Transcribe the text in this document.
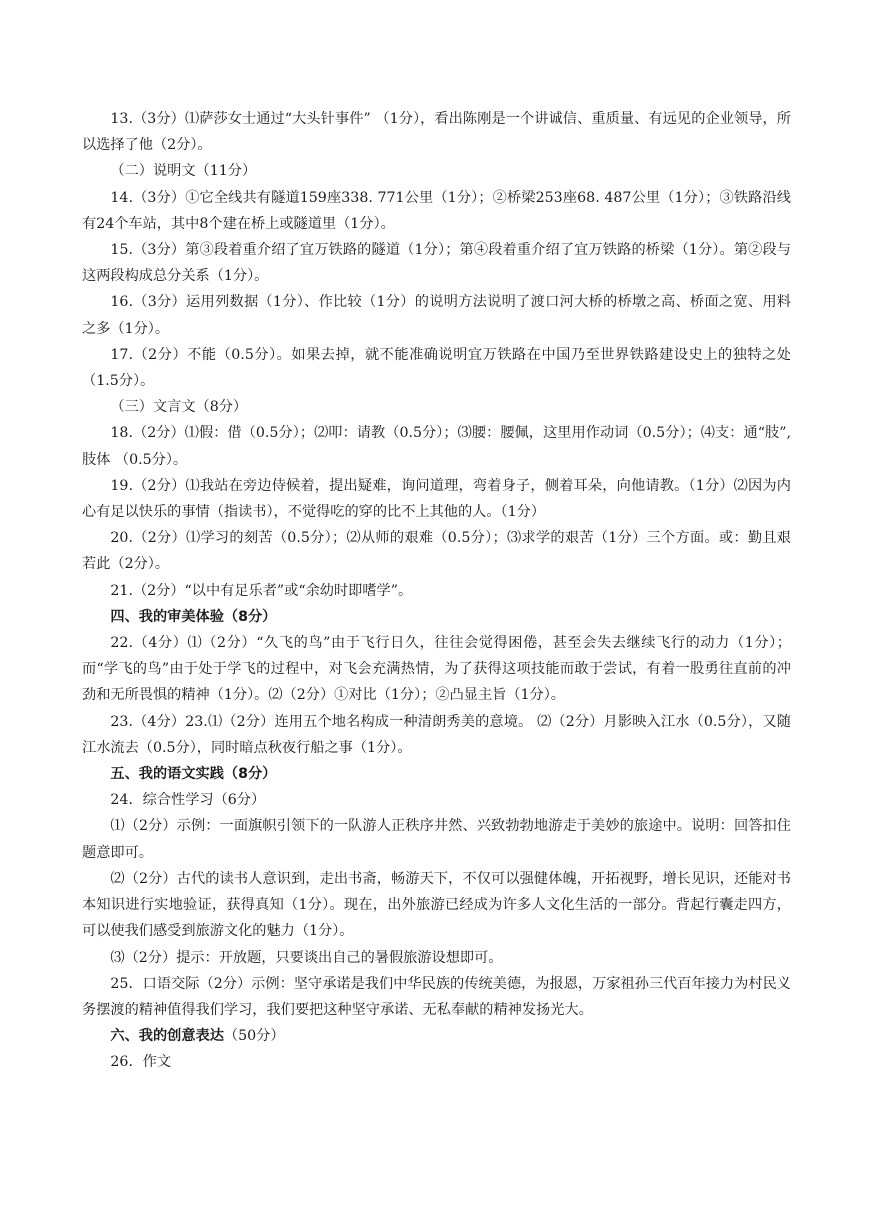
13.（3分）⑴萨莎女士通过“大头针事件” （1分），看出陈刚是一个讲诚信、重质量、有远见的企业领导，所以选择了他（2分）。

（二）说明文（11分）

14.（3分）①它全线共有隧道159座338. 771公里（1分）；②桥梁253座68. 487公里（1分）；③铁路沿线有24个车站，其中8个建在桥上或隧道里（1分）。

15.（3分）第③段着重介绍了宜万铁路的隧道（1分）；第④段着重介绍了宜万铁路的桥梁（1分）。第②段与这两段构成总分关系（1分）。

16.（3分）运用列数据（1分）、作比较（1分）的说明方法说明了渡口河大桥的桥墩之高、桥面之宽、用料之多（1分）。

17.（2分）不能（0.5分）。如果去掉，就不能准确说明宜万铁路在中国乃至世界铁路建设史上的独特之处（1.5分）。

（三）文言文（8分）

18.（2分）⑴假：借（0.5分）；⑵叩：请教（0.5分）；⑶腰：腰佩，这里用作动词（0.5分）；⑷支：通“肢”,肢体 （0.5分）。

19.（2分）⑴我站在旁边侍候着，提出疑难，询问道理，弯着身子，侧着耳朵，向他请教。（1分）⑵因为内心有足以快乐的事情（指读书），不觉得吃的穿的比不上其他的人。（1分）

20.（2分）⑴学习的刻苦（0.5分）；⑵从师的艰难（0.5分）；⑶求学的艰苦（1分）三个方面。或：勤且艰若此（2分）。

21.（2分）“以中有足乐者”或“余幼时即嗜学”。

四、我的审美体验（8分）

22.（4分）⑴（2分）“久飞的鸟”由于飞行日久，往往会觉得困倦，甚至会失去继续飞行的动力（1分）；而“学飞的鸟”由于处于学飞的过程中，对飞会充满热情，为了获得这项技能而敢于尝试，有着一股勇往直前的冲劲和无所畏惧的精神（1分）。⑵（2分）①对比（1分）；②凸显主旨（1分）。

23.（4分）23.⑴（2分）连用五个地名构成一种清朗秀美的意境。 ⑵（2分）月影映入江水（0.5分），又随江水流去（0.5分），同时暗点秋夜行船之事（1分）。

五、我的语文实践（8分）

24．综合性学习（6分）

⑴（2分）示例：一面旗帜引领下的一队游人正秩序井然、兴致勃勃地游走于美妙的旅途中。说明：回答扣住题意即可。

⑵（2分）古代的读书人意识到，走出书斋，畅游天下，不仅可以强健体魄，开拓视野，增长见识，还能对书本知识进行实地验证，获得真知（1分）。现在，出外旅游已经成为许多人文化生活的一部分。背起行囊走四方，可以使我们感受到旅游文化的魅力（1分）。

⑶（2分）提示：开放题，只要谈出自己的暑假旅游设想即可。

25．口语交际（2分）示例：坚守承诺是我们中华民族的传统美德，为报恩，万家祖孙三代百年接力为村民义务摆渡的精神值得我们学习，我们要把这种坚守承诺、无私奉献的精神发扬光大。

六、我的创意表达（50分）

26．作文
